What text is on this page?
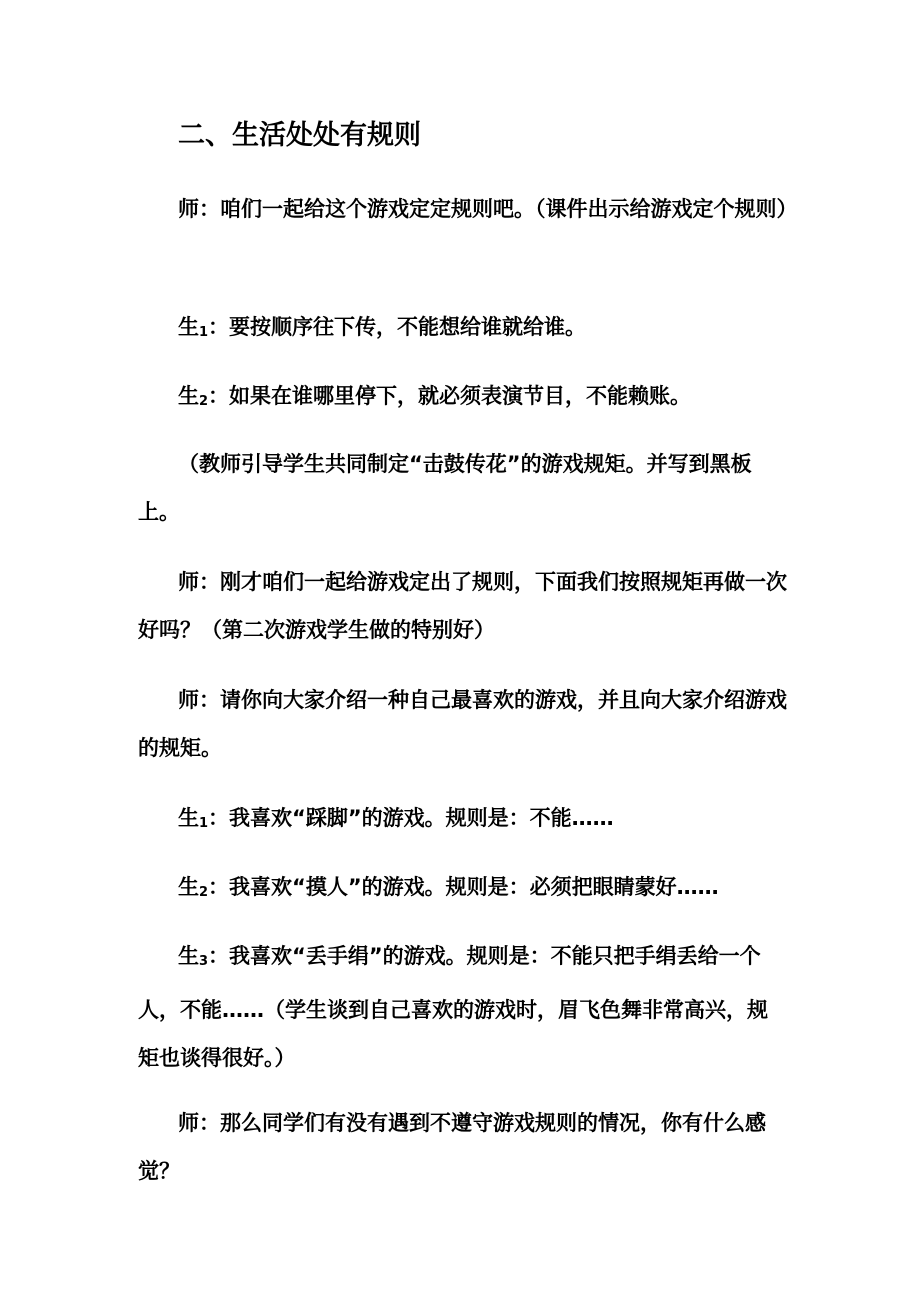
二、生活处处有规则

师：咱们一起给这个游戏定定规则吧。（课件出示给游戏定个规则）

生1：要按顺序往下传，不能想给谁就给谁。

生2：如果在谁哪里停下，就必须表演节目，不能赖账。

（教师引导学生共同制定“击鼓传花”的游戏规矩。并写到黑板上。

师：刚才咱们一起给游戏定出了规则，下面我们按照规矩再做一次好吗？（第二次游戏学生做的特别好）

师：请你向大家介绍一种自己最喜欢的游戏，并且向大家介绍游戏的规矩。

生1：我喜欢“踩脚”的游戏。规则是：不能……

生2：我喜欢“摸人”的游戏。规则是：必须把眼睛蒙好……

生3：我喜欢“丢手绢”的游戏。规则是：不能只把手绢丢给一个人，不能……（学生谈到自己喜欢的游戏时，眉飞色舞非常高兴，规矩也谈得很好。）

师：那么同学们有没有遇到不遵守游戏规则的情况，你有什么感觉？
